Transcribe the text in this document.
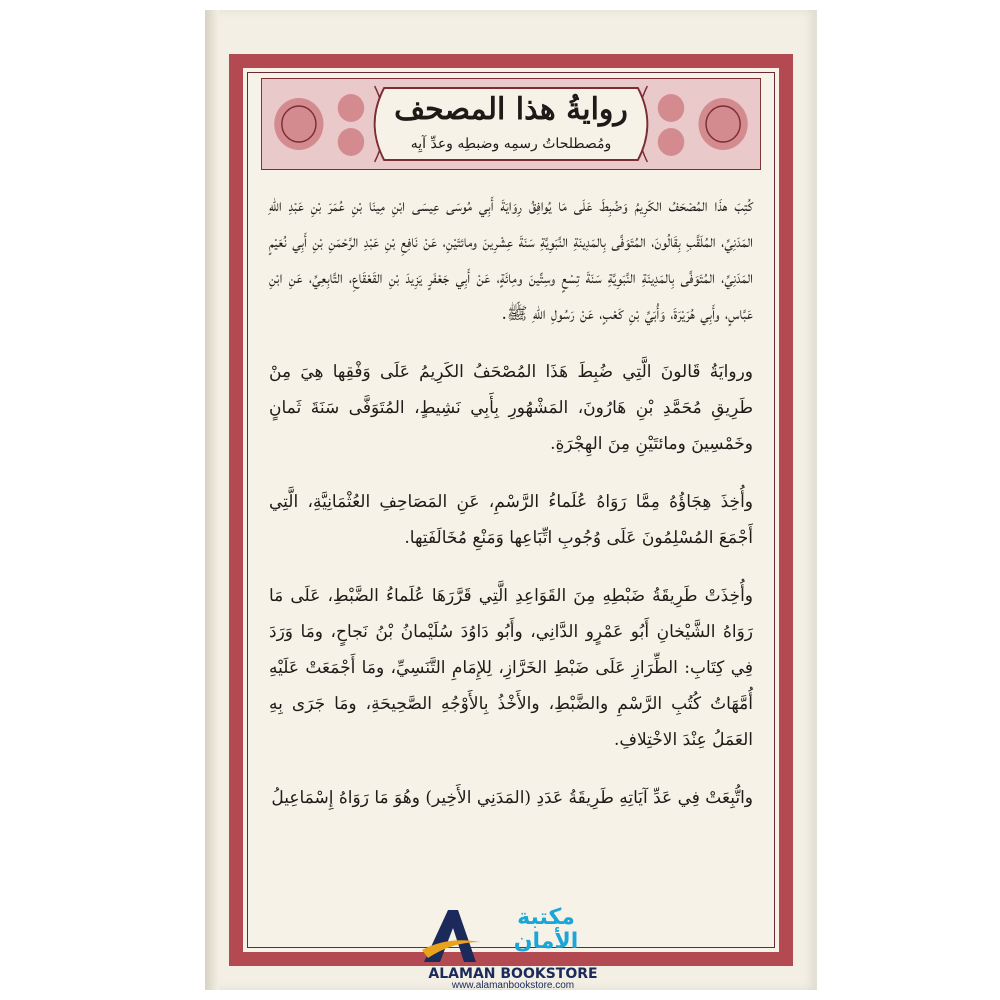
روايةُ هذا المصحف
ومُصطلحاتُ رسمِه وضبطِه وعدِّ آيِه

كُتِبَ هذَا المُصْحَفُ الكَرِيمُ وَضُبِطَ عَلَى مَا يُوافِقُ رِوَايَةَ أَبِي مُوسَى عِيسَى ابْنِ مِينَا بْنِ عُمَرَ بْنِ عَبْدِ اللهِ المَدَنِيِّ، المُلَقَّبِ بِقَالُونَ، المُتَوَفَّى بِالمَدِينَةِ النَّبَوِيَّةِ سَنَةَ عِشْرِينَ ومائتَيْنِ، عَنْ نَافِعِ بْنِ عَبْدِ الرَّحْمَنِ بْنِ أَبِي نُعَيْمٍ المَدَنِيِّ، المُتَوَفَّى بِالمَدِينَةِ النَّبَوِيَّةِ سَنَةَ تِسْعٍ وسِتِّينَ ومِائَةٍ، عَنْ أَبِي جَعْفَرٍ يَزِيدَ بْنِ القَعْقَاعِ، التَّابِعِيِّ، عَنِ ابْنِ عَبَّاسٍ، وأَبِي هُرَيْرَةَ، وَأُبَيِّ بْنِ كَعْبٍ، عَنْ رَسُولِ اللهِ ﷺ.

وروايَةُ قَالونَ الَّتِي ضُبِطَ هَذَا المُصْحَفُ الكَرِيمُ عَلَى وَفْقِها هِيَ مِنْ طَرِيقِ مُحَمَّدِ بْنِ هَارُونَ، المَشْهُورِ بِأَبِي نَشِيطٍ، المُتَوَفَّى سَنَةَ ثَمانٍ وخَمْسِينَ ومائتَيْنِ مِنَ الهِجْرَةِ.

وأُخِذَ هِجَاؤُهُ مِمَّا رَوَاهُ عُلَماءُ الرَّسْمِ، عَنِ المَصَاحِفِ العُثْمَانِيَّةِ، الَّتِي أَجْمَعَ المُسْلِمُونَ عَلَى وُجُوبِ اتِّبَاعِها وَمَنْعِ مُخَالَفَتِها.

وأُخِذَتْ طَرِيقَةُ ضَبْطِهِ مِنَ القَوَاعِدِ الَّتِي قَرَّرَهَا عُلَماءُ الضَّبْطِ، عَلَى مَا رَوَاهُ الشَّيْخانِ أَبُو عَمْرٍو الدَّانِي، وأَبُو دَاوُدَ سُلَيْمانُ بْنُ نَجاحٍ، ومَا وَرَدَ فِي كِتَابِ: الطِّرَازِ عَلَى ضَبْطِ الخَرَّازِ، لِلإِمَامِ التَّنَسِيِّ، ومَا أَجْمَعَتْ عَلَيْهِ أُمَّهَاتُ كُتُبِ الرَّسْمِ والضَّبْطِ، والأَخْذُ بِالأَوْجُهِ الصَّحِيحَةِ، ومَا جَرَى بِهِ العَمَلُ عِنْدَ الاخْتِلافِ.

واتُّبِعَتْ فِي عَدِّ آيَاتِهِ طَرِيقَةُ عَدَدِ (المَدَنِي الأَخِير) وهُوَ مَا رَوَاهُ إِسْمَاعِيلُ

مكتبة
الأمان
ALAMAN BOOKSTORE
www.alamanbookstore.com
